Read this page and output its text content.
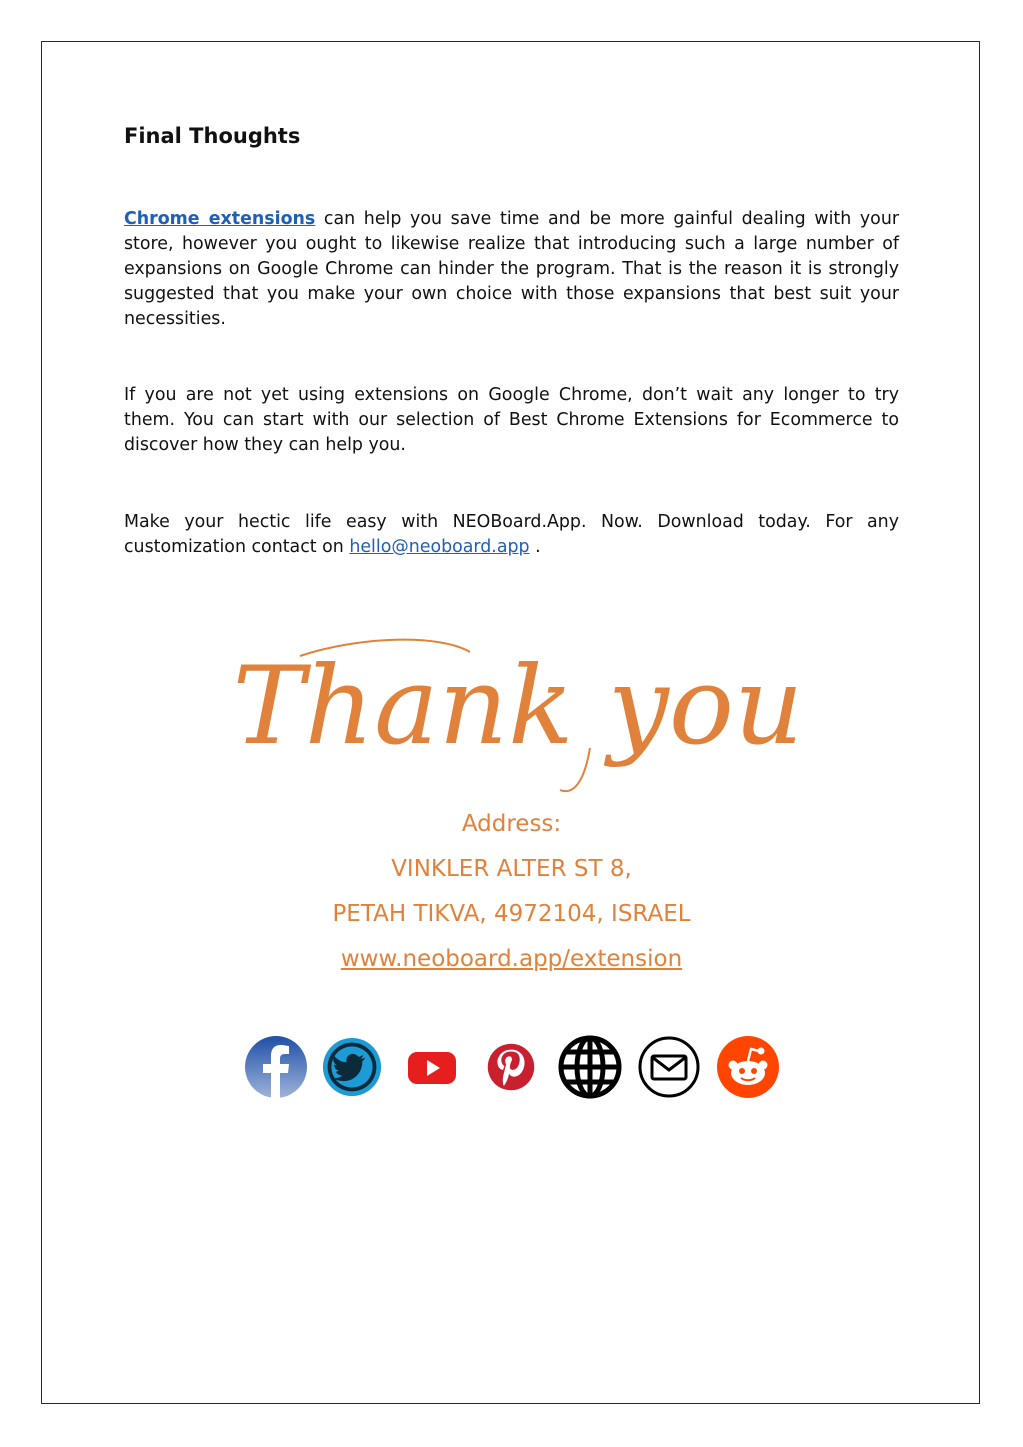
Final Thoughts

Chrome extensions can help you save time and be more gainful dealing with your store, however you ought to likewise realize that introducing such a large number of expansions on Google Chrome can hinder the program. That is the reason it is strongly suggested that you make your own choice with those expansions that best suit your necessities.

If you are not yet using extensions on Google Chrome, don’t wait any longer to try them. You can start with our selection of Best Chrome Extensions for Ecommerce to discover how they can help you.

Make your hectic life easy with NEOBoard.App. Now. Download today. For any customization contact on hello@neoboard.app .

Thank you

Address:

VINKLER ALTER ST 8,

PETAH TIKVA, 4972104, ISRAEL

www.neoboard.app/extension
